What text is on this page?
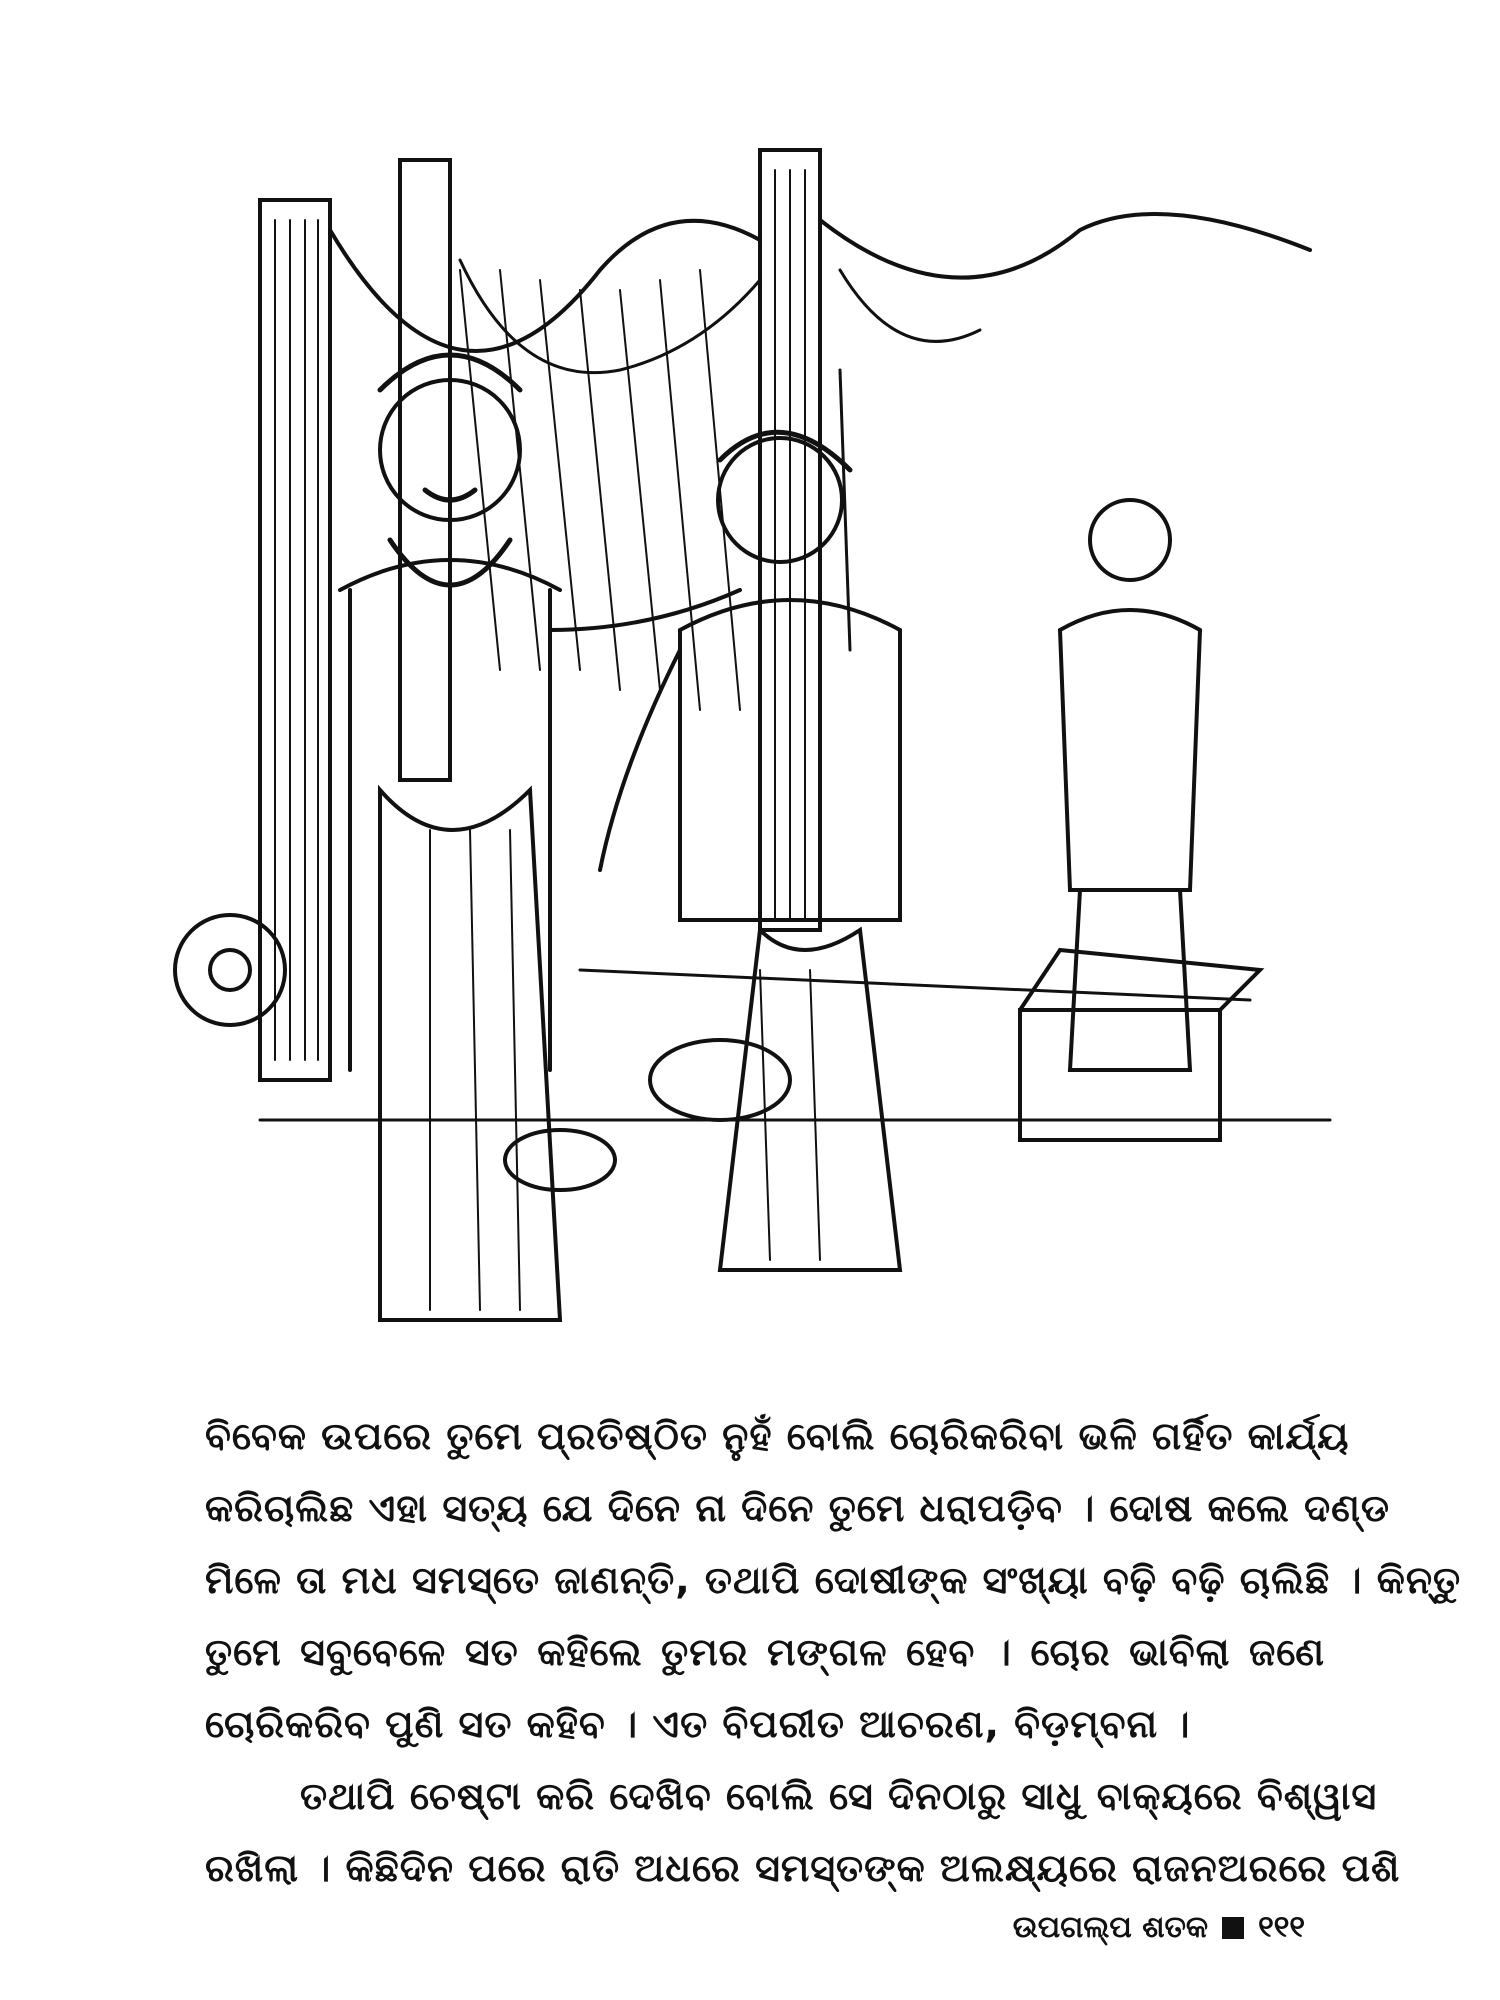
ବିବେକ ଉପରେ ତୁମେ ପ୍ରତିଷ୍ଠିତ ନୁହଁ ବୋଲି ଚୋରିକରିବା ଭଳି ଗର୍ହିତ କାର୍ଯ୍ୟ
କରିଚାଲିଛ ଏହା ସତ୍ୟ ଯେ ଦିନେ ନା ଦିନେ ତୁମେ ଧରାପଡ଼ିବ । ଦୋଷ କଲେ ଦଣ୍ଡ
ମିଳେ ତା ମଧ ସମସ୍ତେ ଜାଣନ୍ତି, ତଥାପି ଦୋଷୀଙ୍କ ସଂଖ୍ୟା ବଢ଼ି ବଢ଼ି ଚାଲିଛି । କିନ୍ତୁ
ତୁମେ ସବୁବେଳେ ସତ କହିଲେ ତୁମର ମଙ୍ଗଳ ହେବ । ଚୋର ଭାବିଲା ଜଣେ
ଚୋରିକରିବ ପୁଣି ସତ କହିବ । ଏତ ବିପରୀତ ଆଚରଣ, ବିଡ଼ମ୍ବନା ।
ତଥାପି ଚେଷ୍ଟା କରି ଦେଖିବ ବୋଲି ସେ ଦିନଠାରୁ ସାଧୁ ବାକ୍ୟରେ ବିଶ୍ୱାସ
ରଖିଲା । କିଛିଦିନ ପରେ ରାତି ଅଧରେ ସମସ୍ତଙ୍କ ଅଲକ୍ଷ୍ୟରେ ରାଜନଅରରେ ପଶି
ଉପଗଲ୍ପ ଶତକ ୧୧୧
